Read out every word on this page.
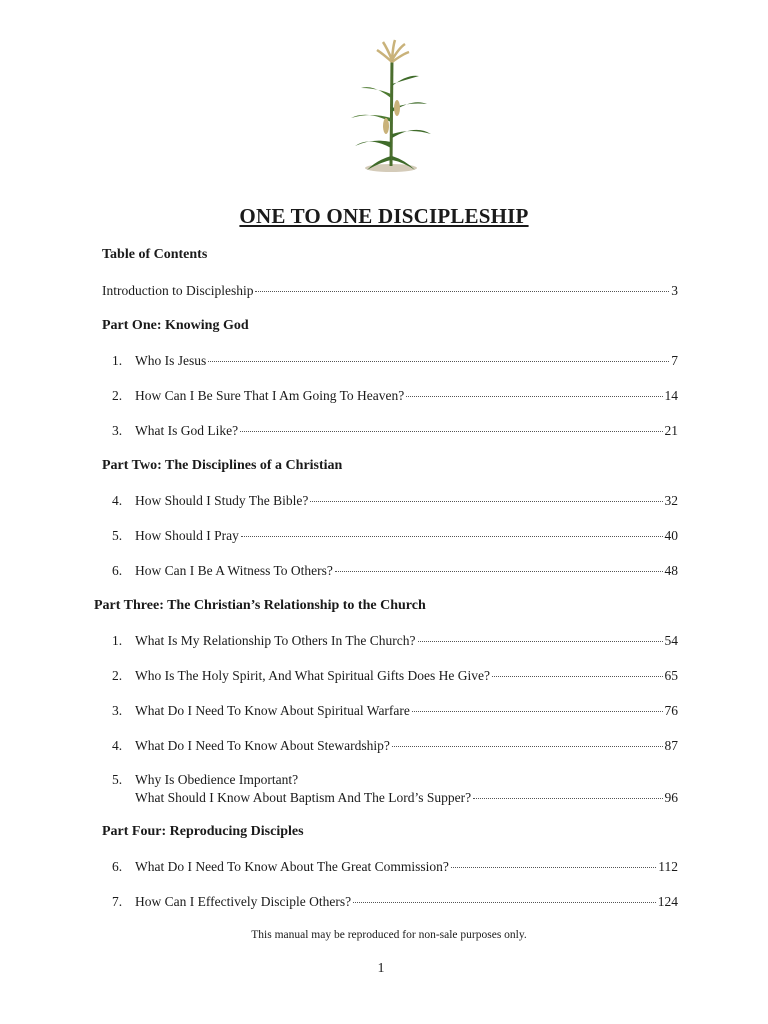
ONE TO ONE DISCIPLESHIP
Table of Contents
Introduction to Discipleship	3
Part One: Knowing God
1. Who Is Jesus	7
2. How Can I Be Sure That I Am Going To Heaven?	14
3. What Is God Like?	21
Part Two: The Disciplines of a Christian
4. How Should I Study The Bible?	32
5. How Should I Pray	40
6. How Can I Be A Witness To Others?	48
Part Three: The Christian’s Relationship to the Church
1. What Is My Relationship To Others In The Church?	54
2. Who Is The Holy Spirit, And What Spiritual Gifts Does He Give?	65
3. What Do I Need To Know About Spiritual Warfare	76
4. What Do I Need To Know About Stewardship?	87
5. Why Is Obedience Important?
What Should I Know About Baptism And The Lord’s Supper?	96
Part Four: Reproducing Disciples
6. What Do I Need To Know About The Great Commission?	112
7. How Can I Effectively Disciple Others?	124
This manual may be reproduced for non-sale purposes only.
1
